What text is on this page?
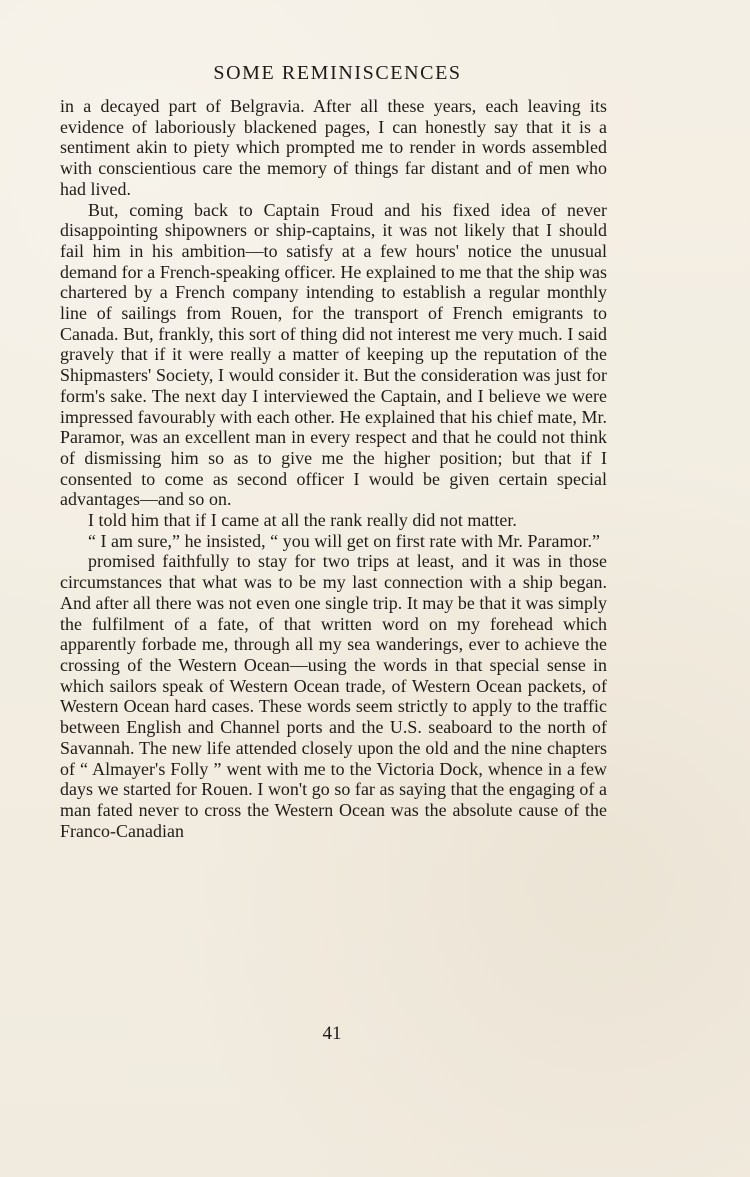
SOME REMINISCENCES

in a decayed part of Belgravia. After all these years, each leaving its evidence of laboriously blackened pages, I can honestly say that it is a sentiment akin to piety which prompted me to render in words assembled with conscientious care the memory of things far distant and of men who had lived.

But, coming back to Captain Froud and his fixed idea of never disappointing shipowners or ship-captains, it was not likely that I should fail him in his ambition—to satisfy at a few hours' notice the unusual demand for a French-speaking officer. He explained to me that the ship was chartered by a French company intending to establish a regular monthly line of sailings from Rouen, for the transport of French emigrants to Canada. But, frankly, this sort of thing did not interest me very much. I said gravely that if it were really a matter of keeping up the reputation of the Shipmasters' Society, I would consider it. But the consideration was just for form's sake. The next day I interviewed the Captain, and I believe we were impressed favourably with each other. He explained that his chief mate, Mr. Paramor, was an excellent man in every respect and that he could not think of dismissing him so as to give me the higher position; but that if I consented to come as second officer I would be given certain special advantages—and so on.

I told him that if I came at all the rank really did not matter.

“ I am sure,” he insisted, “ you will get on first rate with Mr. Paramor.”

promised faithfully to stay for two trips at least, and it was in those circumstances that what was to be my last connection with a ship began. And after all there was not even one single trip. It may be that it was simply the fulfilment of a fate, of that written word on my forehead which apparently forbade me, through all my sea wanderings, ever to achieve the crossing of the Western Ocean—using the words in that special sense in which sailors speak of Western Ocean trade, of Western Ocean packets, of Western Ocean hard cases. These words seem strictly to apply to the traffic between English and Channel ports and the U.S. seaboard to the north of Savannah. The new life attended closely upon the old and the nine chapters of “ Almayer's Folly ” went with me to the Victoria Dock, whence in a few days we started for Rouen. I won't go so far as saying that the engaging of a man fated never to cross the Western Ocean was the absolute cause of the Franco-Canadian

41
